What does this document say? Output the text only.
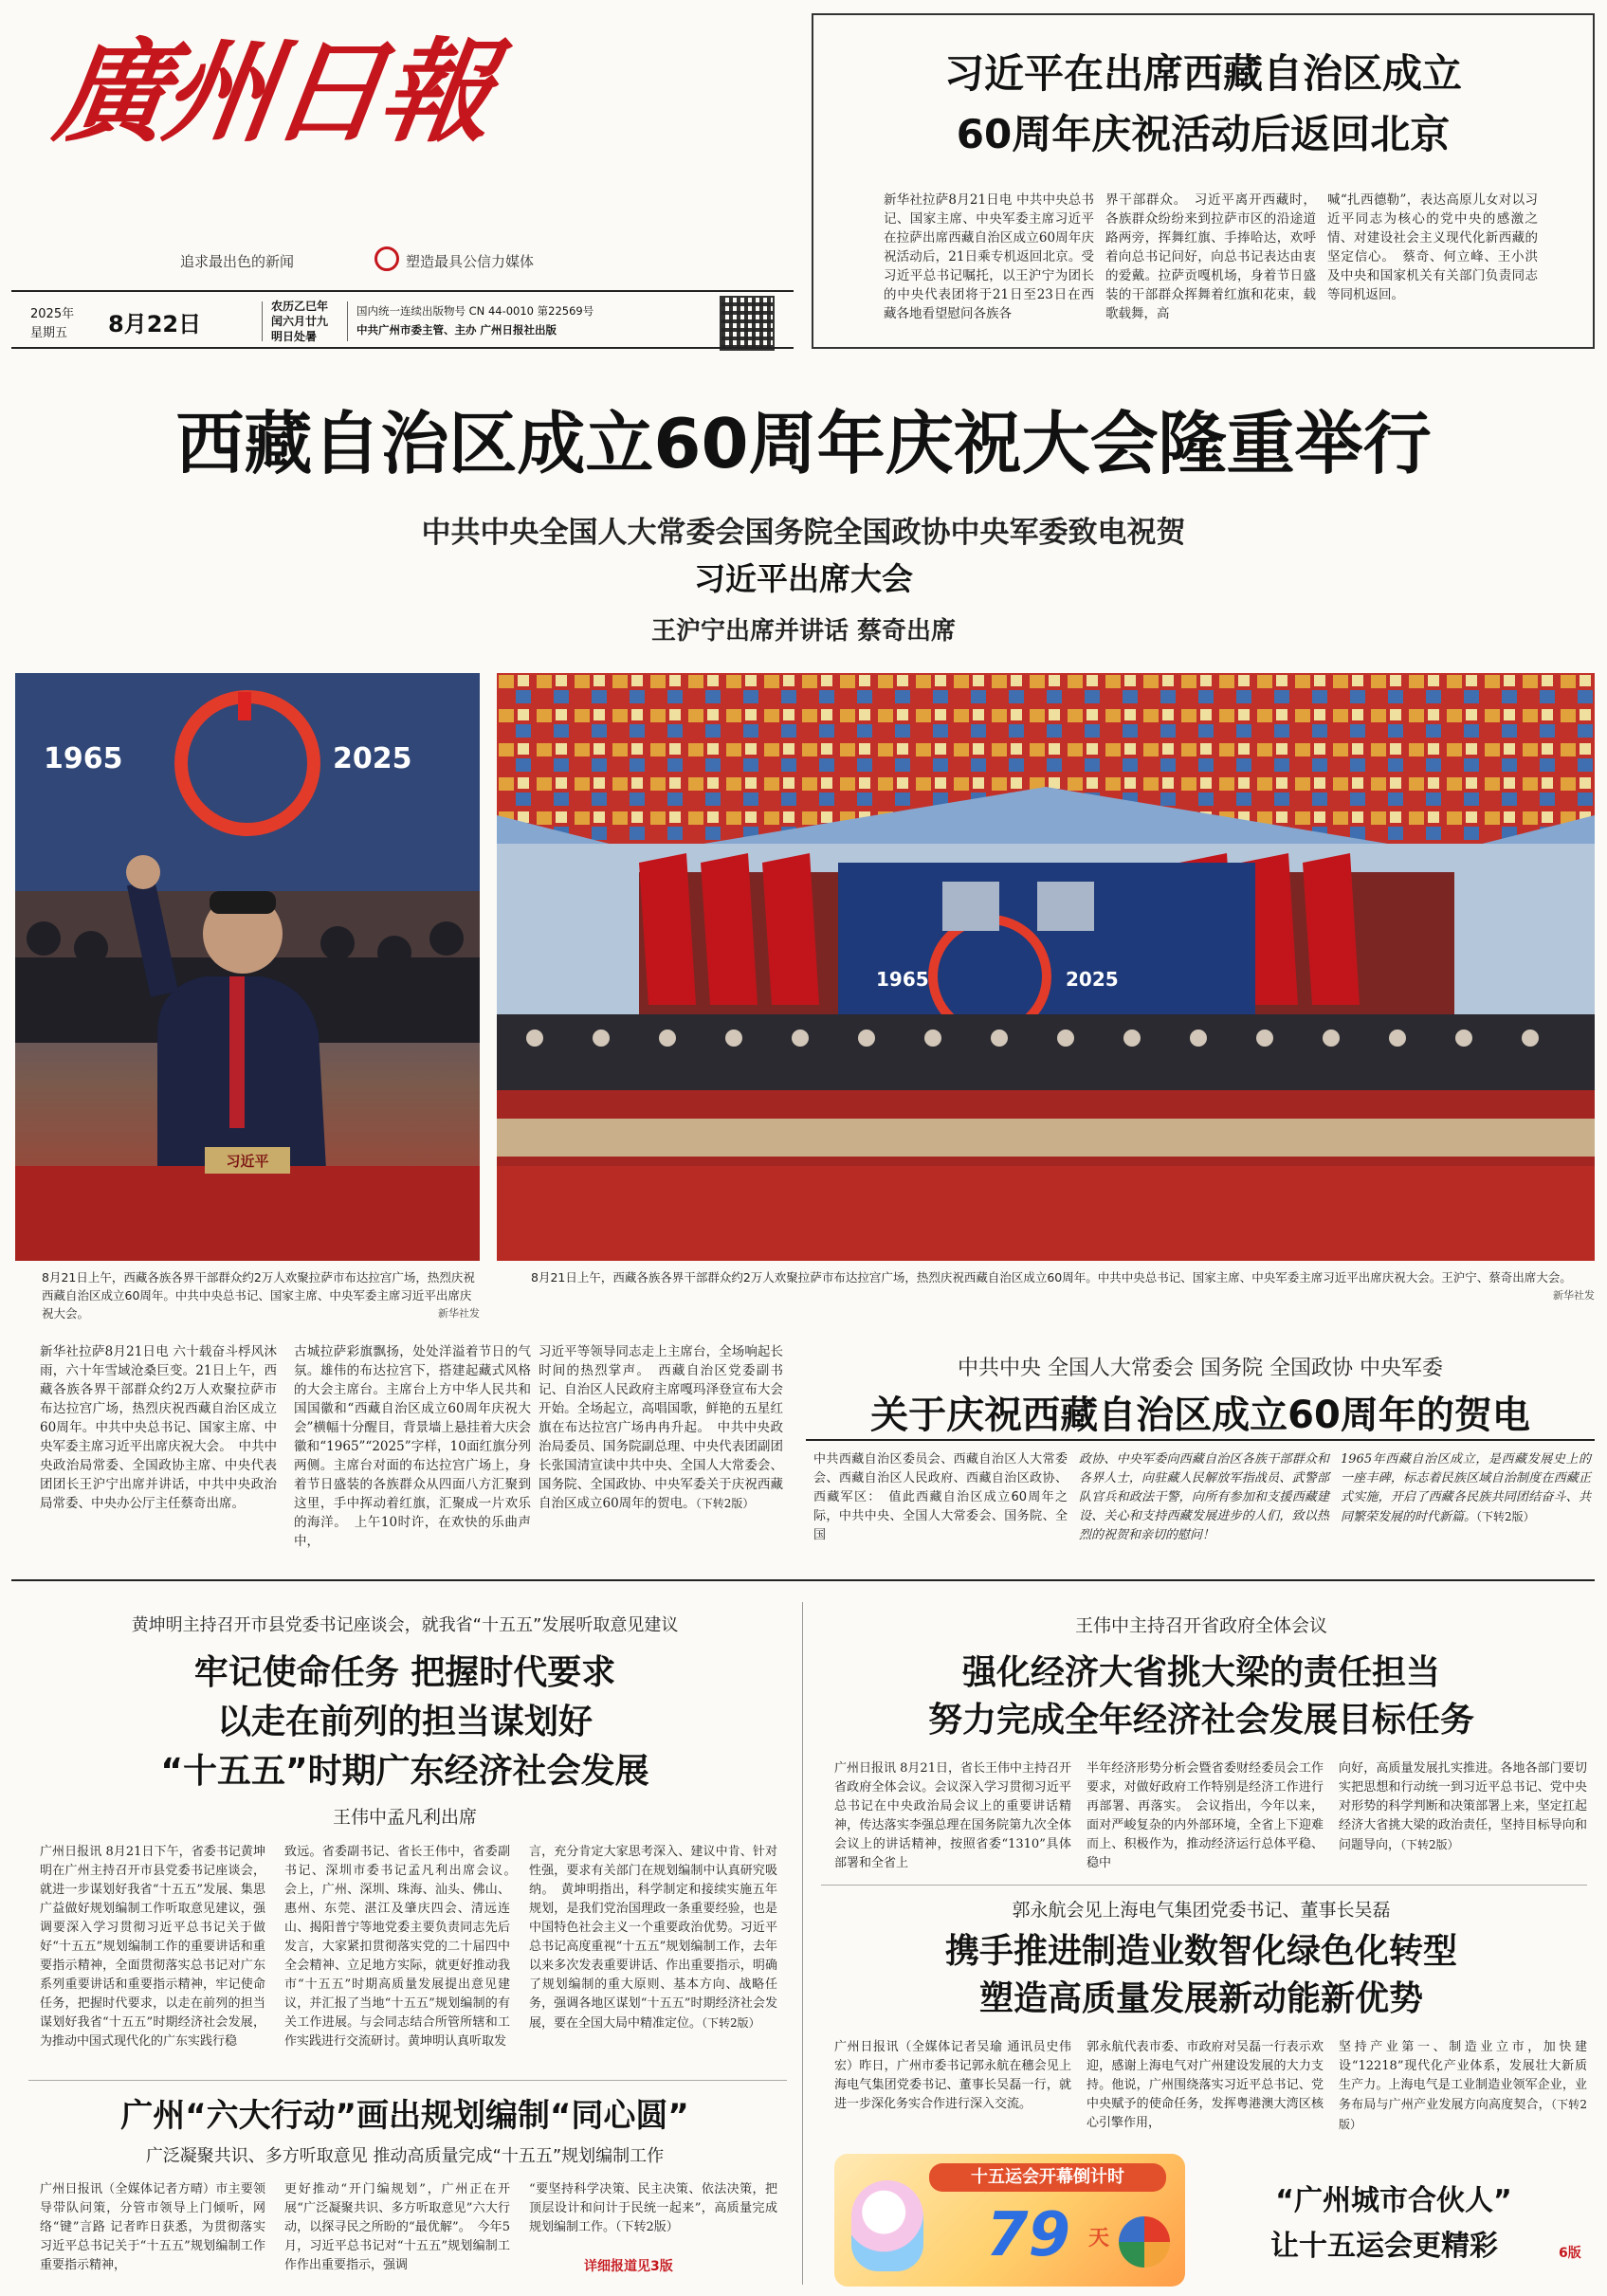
廣州日報
追求最出色的新闻	塑造最具公信力媒体
2025年
星期五 8月22日
农历乙巳年
闰六月廿九
明日处暑
国内统一连续出版物号 CN 44-0010 第22569号
中共广州市委主管、主办 广州日报社出版
习近平在出席西藏自治区成立
60周年庆祝活动后返回北京
新华社拉萨8月21日电 中共中央总书记、国家主席、中央军委主席习近平在拉萨出席西藏自治区成立60周年庆祝活动后，21日乘专机返回北京。受习近平总书记嘱托，以王沪宁为团长的中央代表团将于21日至23日在西藏各地看望慰问各族各
界干部群众。　习近平离开西藏时，各族群众纷纷来到拉萨市区的沿途道路两旁，挥舞红旗、手捧哈达，欢呼着向总书记问好，向总书记表达由衷的爱戴。拉萨贡嘎机场，身着节日盛装的干部群众挥舞着红旗和花束，载歌载舞，高
喊“扎西德勒”，表达高原儿女对以习近平同志为核心的党中央的感激之情、对建设社会主义现代化新西藏的坚定信心。　蔡奇、何立峰、王小洪及中央和国家机关有关部门负责同志等同机返回。
西藏自治区成立60周年庆祝大会隆重举行
中共中央全国人大常委会国务院全国政协中央军委致电祝贺
习近平出席大会
王沪宁出席并讲话 蔡奇出席
1965	2025
习近平
1965	2025
8月21日上午，西藏各族各界干部群众约2万人欢聚拉萨市布达拉宫广场，热烈庆祝西藏自治区成立60周年。中共中央总书记、国家主席、中央军委主席习近平出席庆祝大会。	新华社发
8月21日上午，西藏各族各界干部群众约2万人欢聚拉萨市布达拉宫广场，热烈庆祝西藏自治区成立60周年。中共中央总书记、国家主席、中央军委主席习近平出席庆祝大会。王沪宁、蔡奇出席大会。
新华社发
新华社拉萨8月21日电 六十载奋斗桴风沐雨，六十年雪域沧桑巨变。21日上午，西藏各族各界干部群众约2万人欢聚拉萨市布达拉宫广场，热烈庆祝西藏自治区成立60周年。中共中央总书记、国家主席、中央军委主席习近平出席庆祝大会。　中共中央政治局常委、全国政协主席、中央代表团团长王沪宁出席并讲话，中共中央政治局常委、中央办公厅主任蔡奇出席。
古城拉萨彩旗飘扬，处处洋溢着节日的气氛。雄伟的布达拉宫下，搭建起藏式风格的大会主席台。主席台上方中华人民共和国国徽和“西藏自治区成立60周年庆祝大会”横幅十分醒目，背景墙上悬挂着大庆会徽和“1965”“2025”字样，10面红旗分列两侧。主席台对面的布达拉宫广场上，身着节日盛装的各族群众从四面八方汇聚到这里，手中挥动着红旗，汇聚成一片欢乐的海洋。　上午10时许，在欢快的乐曲声中，
习近平等领导同志走上主席台，全场响起长时间的热烈掌声。　西藏自治区党委副书记、自治区人民政府主席嘎玛泽登宣布大会开始。全场起立，高唱国歌，鲜艳的五星红旗在布达拉宫广场冉冉升起。　中共中央政治局委员、国务院副总理、中央代表团副团长张国清宣读中共中央、全国人大常委会、国务院、全国政协、中央军委关于庆祝西藏自治区成立60周年的贺电。（下转2版）
中共中央 全国人大常委会 国务院 全国政协 中央军委
关于庆祝西藏自治区成立60周年的贺电
中共西藏自治区委员会、西藏自治区人大常委会、西藏自治区人民政府、西藏自治区政协、西藏军区：　值此西藏自治区成立60周年之际，中共中央、全国人大常委会、国务院、全国
政协、中央军委向西藏自治区各族干部群众和各界人士，向驻藏人民解放军指战员、武警部队官兵和政法干警，向所有参加和支援西藏建设、关心和支持西藏发展进步的人们，致以热烈的祝贺和亲切的慰问！
1965年西藏自治区成立，是西藏发展史上的一座丰碑，标志着民族区域自治制度在西藏正式实施，开启了西藏各民族共同团结奋斗、共同繁荣发展的时代新篇。（下转2版）
黄坤明主持召开市县党委书记座谈会，就我省“十五五”发展听取意见建议
牢记使命任务 把握时代要求
以走在前列的担当谋划好
“十五五”时期广东经济社会发展
王伟中孟凡利出席
广州日报讯 8月21日下午，省委书记黄坤明在广州主持召开市县党委书记座谈会，就进一步谋划好我省“十五五”发展、集思广益做好规划编制工作听取意见建议，强调要深入学习贯彻习近平总书记关于做好“十五五”规划编制工作的重要讲话和重要指示精神，全面贯彻落实总书记对广东系列重要讲话和重要指示精神，牢记使命任务，把握时代要求，以走在前列的担当谋划好我省“十五五”时期经济社会发展，为推动中国式现代化的广东实践行稳
致远。省委副书记、省长王伟中，省委副书记、深圳市委书记孟凡利出席会议。　会上，广州、深圳、珠海、汕头、佛山、惠州、东莞、湛江及肇庆四会、清远连山、揭阳普宁等地党委主要负责同志先后发言，大家紧扣贯彻落实党的二十届四中全会精神、立足地方实际，就更好推动我市“十五五”时期高质量发展提出意见建议，并汇报了当地“十五五”规划编制的有关工作进展。与会同志结合所管所辖和工作实践进行交流研讨。黄坤明认真听取发
言，充分肯定大家思考深入、建议中肯、针对性强，要求有关部门在规划编制中认真研究吸纳。　黄坤明指出，科学制定和接续实施五年规划，是我们党治国理政一条重要经验，也是中国特色社会主义一个重要政治优势。习近平总书记高度重视“十五五”规划编制工作，去年以来多次发表重要讲话、作出重要指示，明确了规划编制的重大原则、基本方向、战略任务，强调各地区谋划“十五五”时期经济社会发展，要在全国大局中精准定位。（下转2版）
广州“六大行动”画出规划编制“同心圆”
广泛凝聚共识、多方听取意见 推动高质量完成“十五五”规划编制工作
广州日报讯（全媒体记者方晴）市主要领导带队问策，分管市领导上门倾听，网络“键”言路 记者昨日获悉，为贯彻落实习近平总书记关于“十五五”规划编制工作重要指示精神，
更好推动“开门编规划”，广州正在开展“广泛凝聚共识、多方听取意见”六大行动，以探寻民之所盼的“最优解”。　今年5月，习近平总书记对“十五五”规划编制工作作出重要指示，强调
“要坚持科学决策、民主决策、依法决策，把顶层设计和问计于民统一起来”，高质量完成规划编制工作。（下转2版）
详细报道见3版
王伟中主持召开省政府全体会议
强化经济大省挑大梁的责任担当
努力完成全年经济社会发展目标任务
广州日报讯 8月21日，省长王伟中主持召开省政府全体会议。会议深入学习贯彻习近平总书记在中央政治局会议上的重要讲话精神，传达落实李强总理在国务院第九次全体会议上的讲话精神，按照省委“1310”具体部署和全省上
半年经济形势分析会暨省委财经委员会工作要求，对做好政府工作特别是经济工作进行再部署、再落实。　会议指出，今年以来，面对严峻复杂的内外部环境，全省上下迎难而上、积极作为，推动经济运行总体平稳、稳中
向好，高质量发展扎实推进。各地各部门要切实把思想和行动统一到习近平总书记、党中央对形势的科学判断和决策部署上来，坚定扛起经济大省挑大梁的政治责任，坚持目标导向和问题导向，（下转2版）
郭永航会见上海电气集团党委书记、董事长吴磊
携手推进制造业数智化绿色化转型
塑造高质量发展新动能新优势
广州日报讯（全媒体记者吴瑜 通讯员史伟宏）昨日，广州市委书记郭永航在穗会见上海电气集团党委书记、董事长吴磊一行，就进一步深化务实合作进行深入交流。
郭永航代表市委、市政府对吴磊一行表示欢迎，感谢上海电气对广州建设发展的大力支持。他说，广州围绕落实习近平总书记、党中央赋予的使命任务，发挥粤港澳大湾区核心引擎作用，
坚持产业第一、制造业立市，加快建设“12218”现代化产业体系，发展壮大新质生产力。上海电气是工业制造业领军企业，业务布局与广州产业发展方向高度契合，（下转2版）
十五运会开幕倒计时
79 天
“广州城市合伙人”
让十五运会更精彩	6版
